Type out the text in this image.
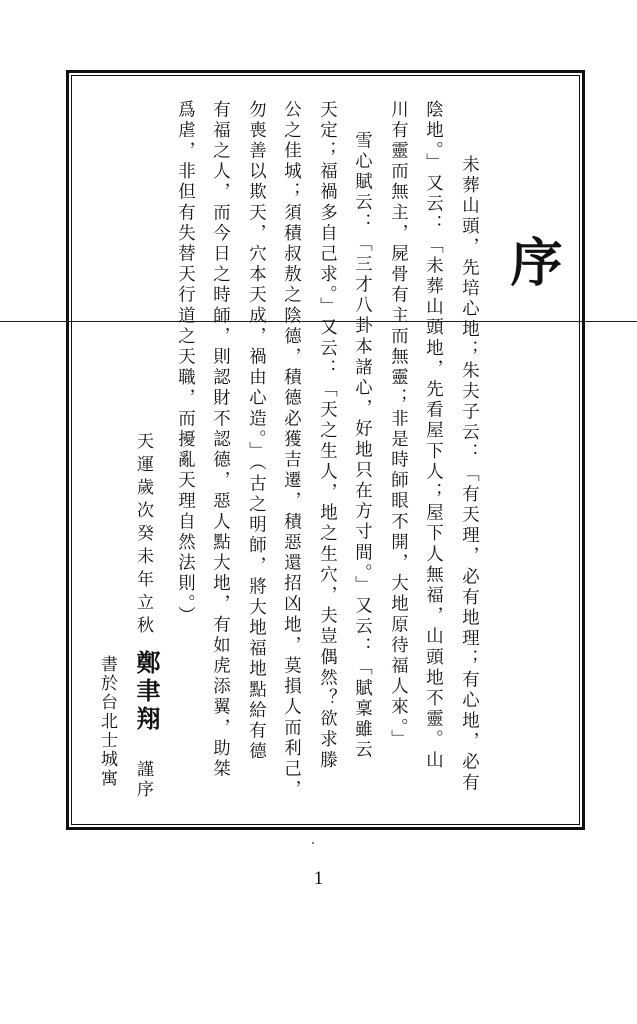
序
未葬山頭，先培心地；朱夫子云：「有天理，必有地理；有心地，必有
陰地。」又云：「未葬山頭地，先看屋下人；屋下人無福，山頭地不靈。山
川有靈而無主，屍骨有主而無靈；非是時師眼不開，大地原待福人來。」
雪心賦云：「三才八卦本諸心，好地只在方寸間。」又云：「賦稟雖云
天定；福禍多自己求。」又云：「天之生人，地之生穴，夫豈偶然？欲求滕
公之佳城；須積叔敖之陰德，積德必獲吉遷，積惡還招凶地，莫損人而利己，
勿喪善以欺天，穴本天成，禍由心造。」（古之明師，將大地福地點給有德
有福之人，而今日之時師，則認財不認德，惡人點大地，有如虎添翼，助桀
爲虐，非但有失替天行道之天職，而擾亂天理自然法則。）
天運歲次癸未年立秋
鄭聿翔
謹序
書於台北士城寓
1
